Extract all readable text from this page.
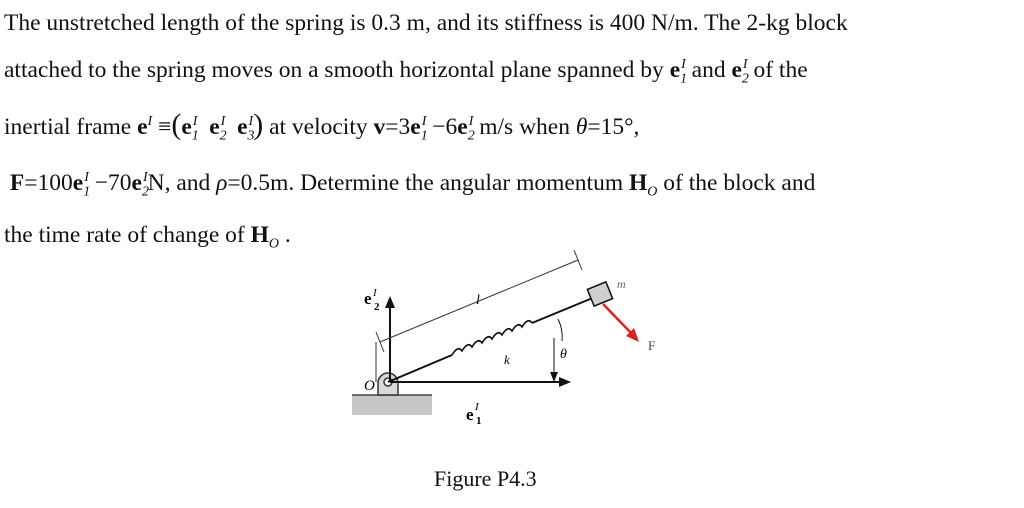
The unstretched length of the spring is 0.3 m, and its stiffness is 400 N/m. The 2-kg block

attached to the spring moves on a smooth horizontal plane spanned by $e_1^I$ and $e_2^I$ of the

inertial frame $e^I \equiv(e_1^I$ $e_2^I$ $e_3^I$) at velocity $v=3e_1^I -6e_2^I$ m/s when θ=15°,

$F=100e_1^I -70e_2^IN$, and ρ=0.5m. Determine the angular momentum $H_O$ of the block and

the time rate of change of $H_O$ .

O
e I
2
e I
1
l
k
m
F
θ
Figure P4.3
